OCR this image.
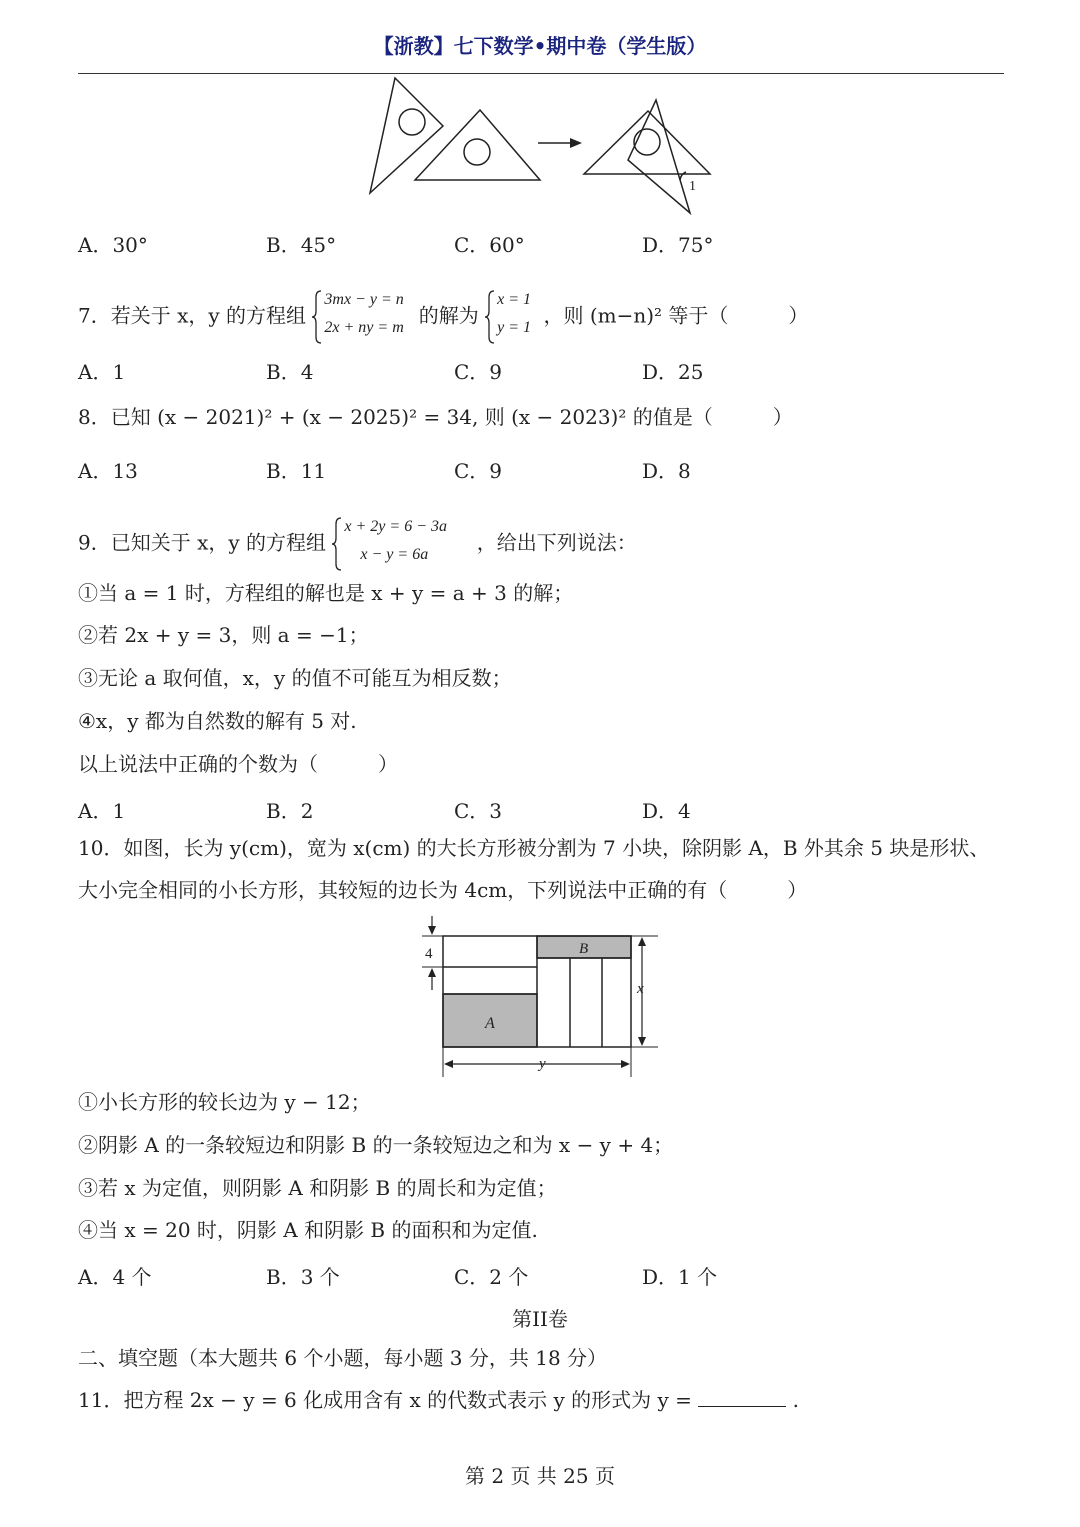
【浙教】七下数学•期中卷（学生版）
1
A．30°	B．45°	C．60°	D．75°
7．若关于 x，y 的方程组
3mx − y = n
2x + ny = m 的解为
x = 1
y = 1 ，则 (m−n)² 等于（　　　）
A．1	B．4	C．9	D．25
8．已知 (x − 2021)² + (x − 2025)² = 34, 则 (x − 2023)² 的值是（　　　）
A．13	B．11	C．9	D．8
9．已知关于 x，y 的方程组
x + 2y = 6 − 3a
x − y = 6a ，给出下列说法：
①当 a = 1 时，方程组的解也是 x + y = a + 3 的解；
②若 2x + y = 3，则 a = −1；
③无论 a 取何值，x，y 的值不可能互为相反数；
④x，y 都为自然数的解有 5 对.
以上说法中正确的个数为（　　　）
A．1	B．2	C．3	D．4
10．如图，长为 y(cm)，宽为 x(cm) 的大长方形被分割为 7 小块，除阴影 A，B 外其余 5 块是形状、
大小完全相同的小长方形，其较短的边长为 4cm，下列说法中正确的有（　　　）
A
B
x
y
4
①小长方形的较长边为 y − 12；
②阴影 A 的一条较短边和阴影 B 的一条较短边之和为 x − y + 4；
③若 x 为定值，则阴影 A 和阴影 B 的周长和为定值；
④当 x = 20 时，阴影 A 和阴影 B 的面积和为定值.
A．4 个	B．3 个	C．2 个	D．1 个
第II卷
二、填空题（本大题共 6 个小题，每小题 3 分，共 18 分）
11．把方程 2x − y = 6 化成用含有 x 的代数式表示 y 的形式为 y =	.
第 2 页 共 25 页
